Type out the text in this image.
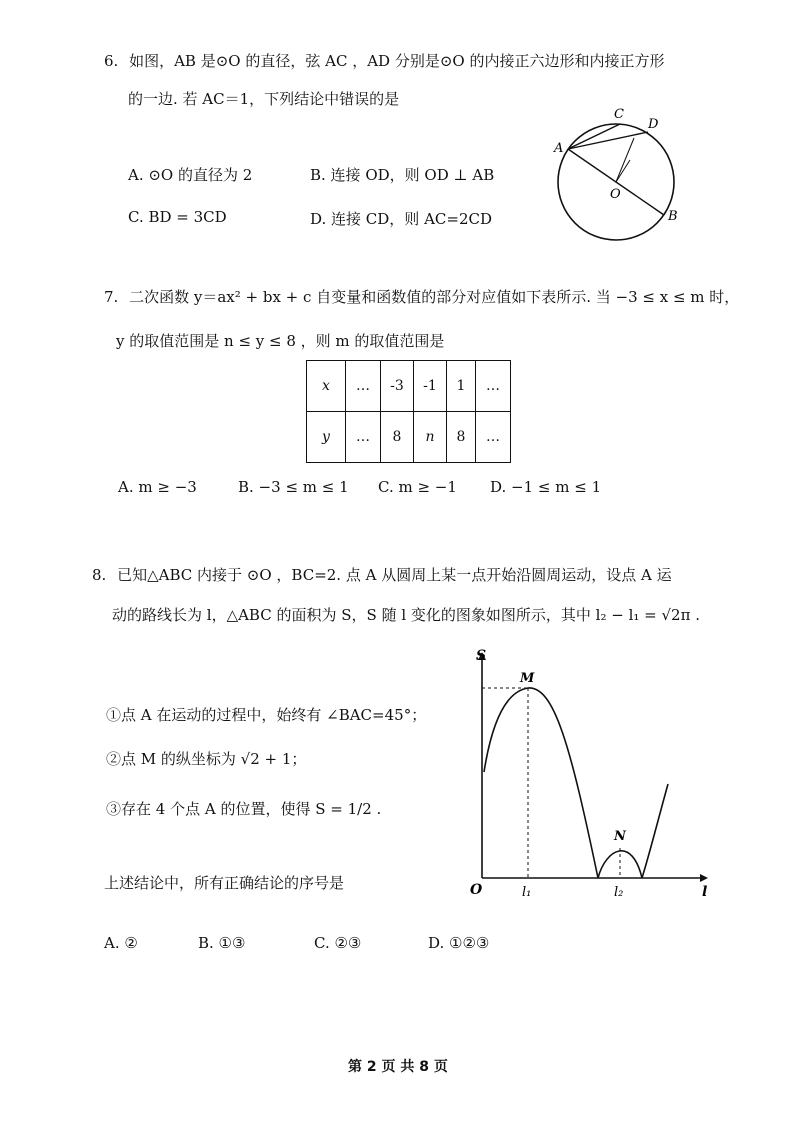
6. 如图，AB 是⊙O 的直径，弦 AC ，AD 分别是⊙O 的内接正六边形和内接正方形
的一边. 若 AC＝1，下列结论中错误的是
A. ⊙O 的直径为 2	B. 连接 OD，则 OD ⊥ AB
C. BD = 3CD	D. 连接 CD，则 AC=2CD
A
C
D
O
B
7. 二次函数 y＝ax² + bx + c 自变量和函数值的部分对应值如下表所示. 当 −3 ≤ x ≤ m 时，
y 的取值范围是 n ≤ y ≤ 8 ，则 m 的取值范围是
x	…	-3	-1	1	…
y	…	8	n	8	…
A. m ≥ −3	B. −3 ≤ m ≤ 1 C. m ≥ −1 D. −1 ≤ m ≤ 1
8. 已知△ABC 内接于 ⊙O ，BC=2. 点 A 从圆周上某一点开始沿圆周运动，设点 A 运
动的路线长为 l，△ABC 的面积为 S，S 随 l 变化的图象如图所示，其中 l₂ − l₁ = √2π .
①点 A 在运动的过程中，始终有 ∠BAC=45°；
②点 M 的纵坐标为 √2 + 1；
③存在 4 个点 A 的位置，使得 S = 1/2 .
上述结论中，所有正确结论的序号是
S
O	l
l₁	l₂
M
N
A. ②	B. ①③	C. ②③	D. ①②③
第 2 页 共 8 页
